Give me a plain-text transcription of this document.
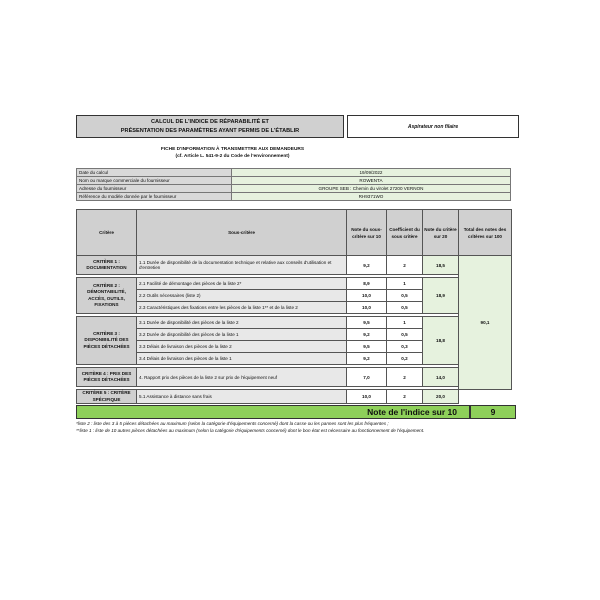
CALCUL DE L'INDICE DE RÉPARABILITÉ ET
PRÉSENTATION DES PARAMÈTRES AYANT PERMIS DE L'ÉTABLIR
Aspirateur non filaire
FICHE D'INFORMATION À TRANSMETTRE AUX DEMANDEURS
(cf. Article L. 541-9-2 du Code de l'environnement)
Date du calcul	19/09/2022
Nom ou marque commerciale du fournisseur	ROWENTA
Adresse du fournisseur	GROUPE SEB : Chemin du virolet 27200 VERNON
Référence du modèle donnée par le fournisseur	RH9371WO
Critère	Sous-critère	Note du sous-critère sur 10	Coefficient du sous critère	Note du critère sur 20	Total des notes des critères sur 100
CRITÈRE 1 : DOCUMENTATION	1.1 Durée de disponibilité de la documentation technique et relative aux conseils d'utilisation et d'entretien	9,2	2	18,5	90,1

CRITÈRE 2 : DÉMONTABILITÉ, ACCÈS, OUTILS, FIXATIONS	2.1 Facilité de démontage des pièces de la liste 2*	8,9	1	18,9	
	2.2 Outils nécessaires (liste 2)	10,0	0,5		
	2.3 Caractéristiques des fixations entre les pièces de la liste 1** et de la liste 2	10,0	0,5		

CRITÈRE 3 : DISPONIBILITÉ DES PIÈCES DÉTACHÉES	3.1 Durée de disponibilité des pièces de la liste 2	9,5	1	18,8	
	3.2 Durée de disponibilité des pièces de la liste 1	9,2	0,5		
	3.3 Délais de livraison des pièces de la liste 2	9,5	0,3		
	3.4 Délais de livraison des pièces de la liste 1	9,2	0,2		

CRITÈRE 4 : PRIX DES PIÈCES DÉTACHÉES	4. Rapport prix des pièces de la liste 2 sur prix de l'équipement neuf	7,0	2	14,0	

CRITÈRE 5 : CRITÈRE SPÉCIFIQUE	5.1 Assistance à distance sans frais	10,0	2	20,0	
Note de l'indice sur 10	9
*liste 2 : liste des 3 à 5 pièces détachées au maximum (selon la catégorie d'équipements concerné) dont la casse ou les pannes sont les plus fréquentes ;
**liste 1 : liste de 10 autres pièces détachées au maximum (selon la catégorie d'équipements concerné) dont le bon état est nécessaire au fonctionnement de l'équipement.
